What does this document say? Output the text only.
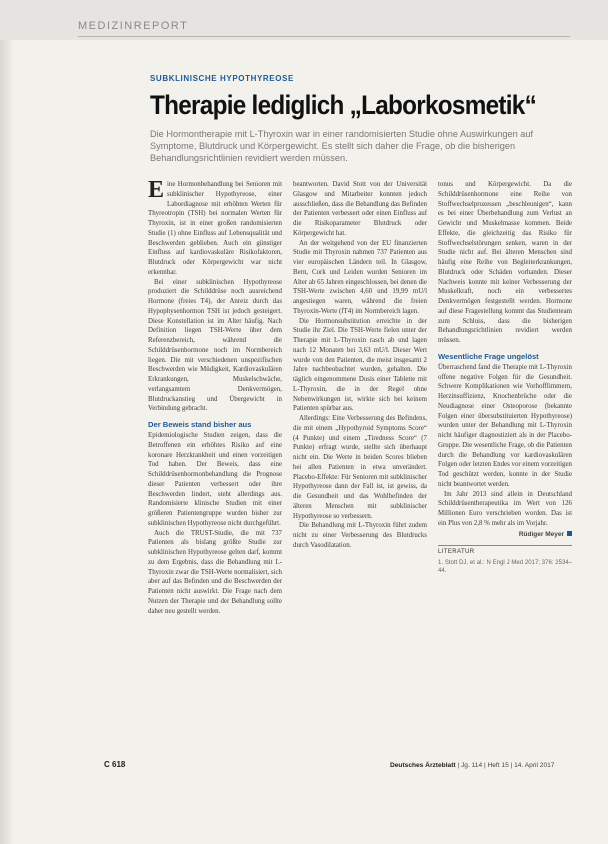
MEDIZINREPORT
SUBKLINISCHE HYPOTHYREOSE
Therapie lediglich „Laborkosmetik“
Die Hormontherapie mit L-Thyroxin war in einer randomisierten Studie ohne Auswirkungen auf Symptome, Blutdruck und Körpergewicht. Es stellt sich daher die Frage, ob die bisherigen Behandlungsrichtlinien revidiert werden müssen.

Eine Hormonbehandlung bei Senioren mit subklinischer Hypothyreose, einer Labordiagnose mit erhöhten Werten für Thyreotropin (TSH) bei normalen Werten für Thyroxin, ist in einer großen randomisierten Studie (1) ohne Einfluss auf Lebensqualität und Beschwerden geblieben. Auch ein günstiger Einfluss auf kardiovaskuläre Risikofaktoren, Blutdruck oder Körpergewicht war nicht erkennbar.

Bei einer subklinischen Hypothyreose produziert die Schilddrüse noch ausreichend Hormone (freies T4), der Anreiz durch das Hypophysenhormon TSH ist jedoch gesteigert. Diese Konstellation ist im Alter häufig. Nach Definition liegen TSH-Werte über dem Referenzbereich, während die Schilddrüsenhormone noch im Normbereich liegen. Die mit verschiedenen unspezifischen Beschwerden wie Müdigkeit, Kardiovaskulären Erkrankungen, Muskelschwäche, verlangsamtem Denkvermögen, Blutdruckanstieg und Übergewicht in Verbindung gebracht.

Der Beweis stand bisher aus

Epidemiologische Studien zeigen, dass die Betroffenen ein erhöhtes Risiko auf eine koronare Herzkrankheit und einen vorzeitigen Tod haben. Der Beweis, dass eine Schilddrüsenhormonbehandlung die Prognose dieser Patienten verbessert oder ihre Beschwerden lindert, steht allerdings aus. Randomisierte klinische Studien mit einer größeren Patientengruppe wurden bisher zur subklinischen Hypothyreose nicht durchgeführt.

Auch die TRUST-Studie, die mit 737 Patienten als bislang größte Studie zur subklinischen Hypothyreose gelten darf, kommt zu dem Ergebnis, dass die Behandlung mit L-Thyroxin zwar die TSH-Werte normalisiert, sich aber auf das Befinden und die Beschwerden der Patienten nicht auswirkt. Die Frage nach dem Nutzen der Therapie und der Behandlung sollte daher neu gestellt werden.

beantworten. David Stott von der Universität Glasgow und Mitarbeiter konnten jedoch ausschließen, dass die Behandlung das Befinden der Patienten verbessert oder einen Einfluss auf die Risikoparameter Blutdruck oder Körpergewicht hat.

An der weitgehend von der EU finanzierten Studie mit Thyroxin nahmen 737 Patienten aus vier europäischen Ländern teil. In Glasgow, Bern, Cork und Leiden wurden Senioren im Alter ab 65 Jahren eingeschlossen, bei denen die TSH-Werte zwischen 4,60 und 19,99 mU/l angestiegen waren, während die freien Thyroxin-Werte (fT4) im Normbereich lagen.

Die Hormonsubstitution erreichte in der Studie ihr Ziel. Die TSH-Werte fielen unter der Therapie mit L-Thyroxin rasch ab und lagen nach 12 Monaten bei 3,63 mU/l. Dieser Wert wurde von den Patienten, die meist insgesamt 2 Jahre nachbeobachtet wurden, gehalten. Die täglich eingenommene Dosis einer Tablette mit L-Thyroxin, die in der Regel ohne Nebenwirkungen ist, wirkte sich bei keinem Patienten spürbar aus.

Allerdings: Eine Verbesserung des Befindens, die mit einem „Hypothyroid Symptoms Score“ (4 Punkte) und einem „Tiredness Score“ (7 Punkte) erfragt wurde, stellte sich überhaupt nicht ein. Die Werte in beiden Scores blieben bei allen Patienten in etwa unverändert. Placebo-Effekte: Für Senioren mit subklinischer Hypothyreose dann der Fall ist, ist gewiss, da die Gesundheit und das Wohlbefinden der älteren Menschen mit subklinischer Hypothyreose so verbessern.

Die Behandlung mit L-Thyroxin führt zudem nicht zu einer Verbesserung des Blutdrucks durch Vasodilatation.

tonus und Körpergewicht. Da die Schilddrüsenhormone eine Reihe von Stoffwechselprozessen „beschleunigen“, kann es bei einer Überbehandlung zum Verlust an Gewicht und Muskelmasse kommen. Beide Effekte, die gleichzeitig das Risiko für Stoffwechselstörungen senken, waren in der Studie nicht auf. Bei älteren Menschen sind häufig eine Reihe von Begleiterkrankungen, Blutdruck oder Schäden vorhanden. Dieser Nachweis konnte mit keiner Verbesserung der Muskelkraft, noch ein verbessertes Denkvermögen festgestellt werden. Hormone auf diese Fragestellung kommt das Studienteam zum Schluss, dass die bisherigen Behandlungsrichtlinien revidiert werden müssen.

Wesentliche Frage ungelöst

Überraschend fand die Therapie mit L-Thyroxin offene negative Folgen für die Gesundheit. Schwere Komplikationen wie Vorhofflimmern, Herzinsuffizienz, Knochenbrüche oder die Neudiagnose einer Osteoporose (bekannte Folgen einer übersubstituierten Hypothyreose) wurden unter der Behandlung mit L-Thyroxin nicht häufiger diagnostiziert als in der Placebo-Gruppe. Die wesentliche Frage, ob die Patienten durch die Behandlung vor kardiovaskulären Folgen oder letzten Endes vor einem vorzeitigen Tod geschützt werden, konnte in der Studie nicht beantwortet werden.

Im Jahr 2013 sind allein in Deutschland Schilddrüsentherapeutika im Wert von 126 Millionen Euro verschrieben worden. Das ist ein Plus von 2,8 % mehr als im Vorjahr.

Rüdiger Meyer
LITERATUR
1. Stott DJ, et al.: N Engl J Med 2017; 376: 2534–44.
C 618	Deutsches Ärzteblatt | Jg. 114 | Heft 15 | 14. April 2017
